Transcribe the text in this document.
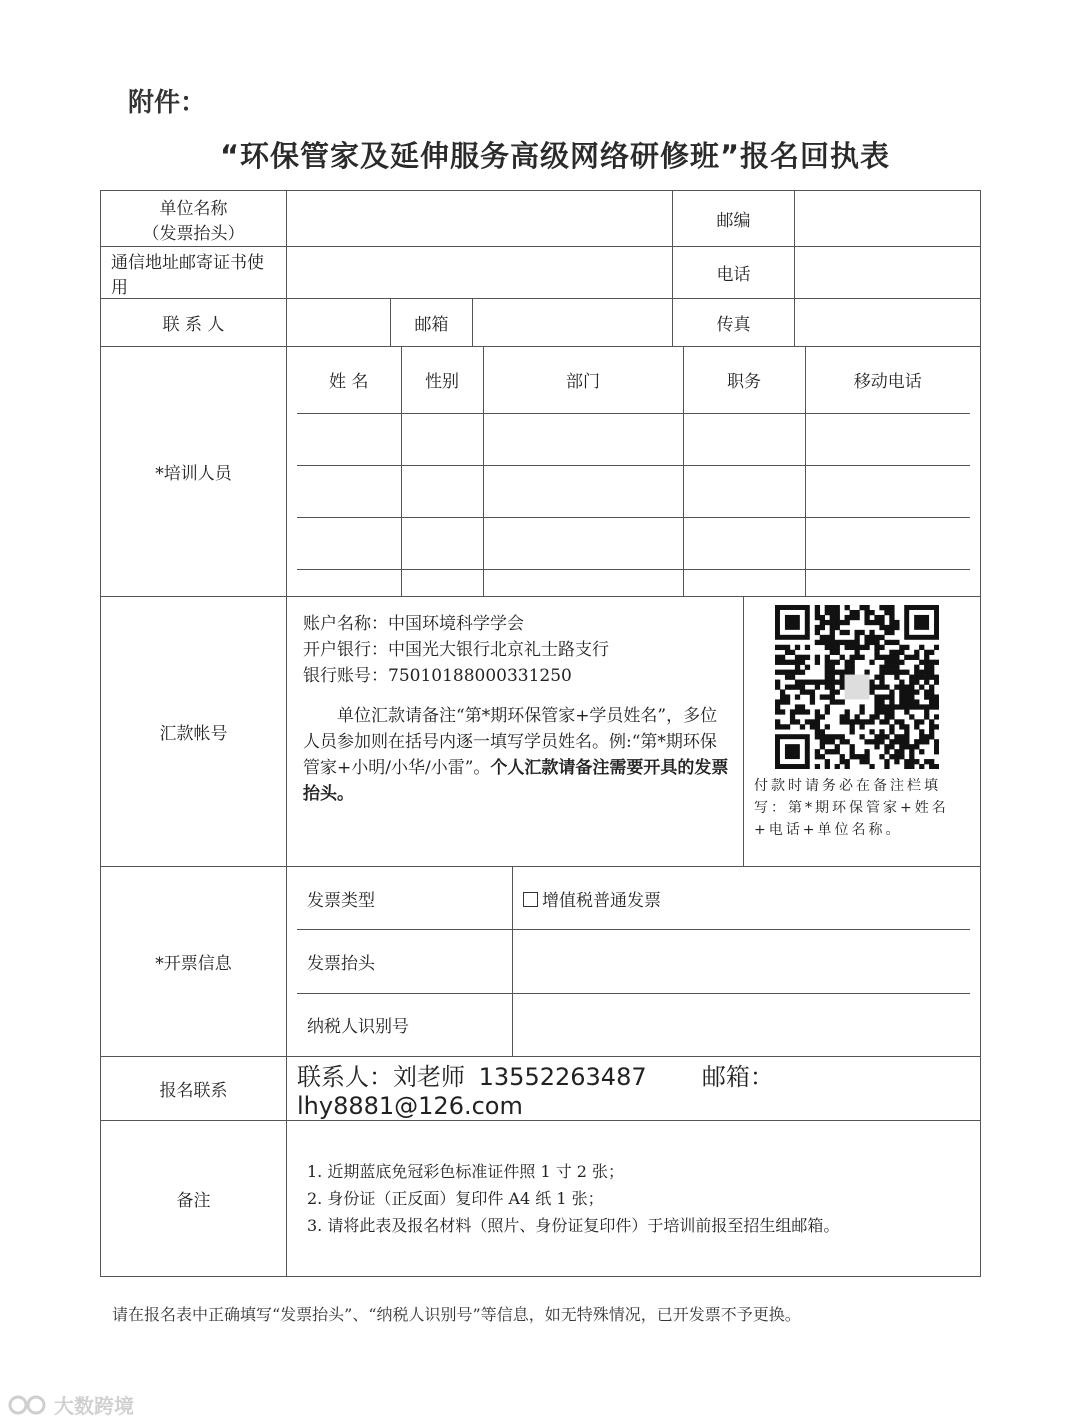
附件：
“环保管家及延伸服务高级网络研修班”报名回执表
单位名称
（发票抬头）
		邮编	
通信地址邮寄证书使用		电话	
联 系 人		邮箱		传真	
*培训人员	
姓 名	性别	部门	职务	移动电话

汇款帐号	

账户名称：中国环境科学学会

开户银行：中国光大银行北京礼士路支行

银行账号：75010188000331250

单位汇款请备注“第*期环保管家+学员姓名”，多位人员参加则在括号内逐一填写学员姓名。例:“第*期环保管家+小明/小华/小雷”。个人汇款请备注需要开具的发票抬头。	付款时请务必在备注栏填写：第*期环保管家+姓名+电话+单位名称。

*开票信息	
发票类型	增值税普通发票
发票抬头	
纳税人识别号	

报名联系	联系人：刘老师 13552263487 邮箱：lhy8881@126.com

备注	
1. 近期蓝底免冠彩色标准证件照 1 寸 2 张；
2. 身份证（正反面）复印件 A4 纸 1 张；
3. 请将此表及报名材料（照片、身份证复印件）于培训前报至招生组邮箱。
请在报名表中正确填写“发票抬头”、“纳税人识别号”等信息，如无特殊情况，已开发票不予更换。
大数跨境
